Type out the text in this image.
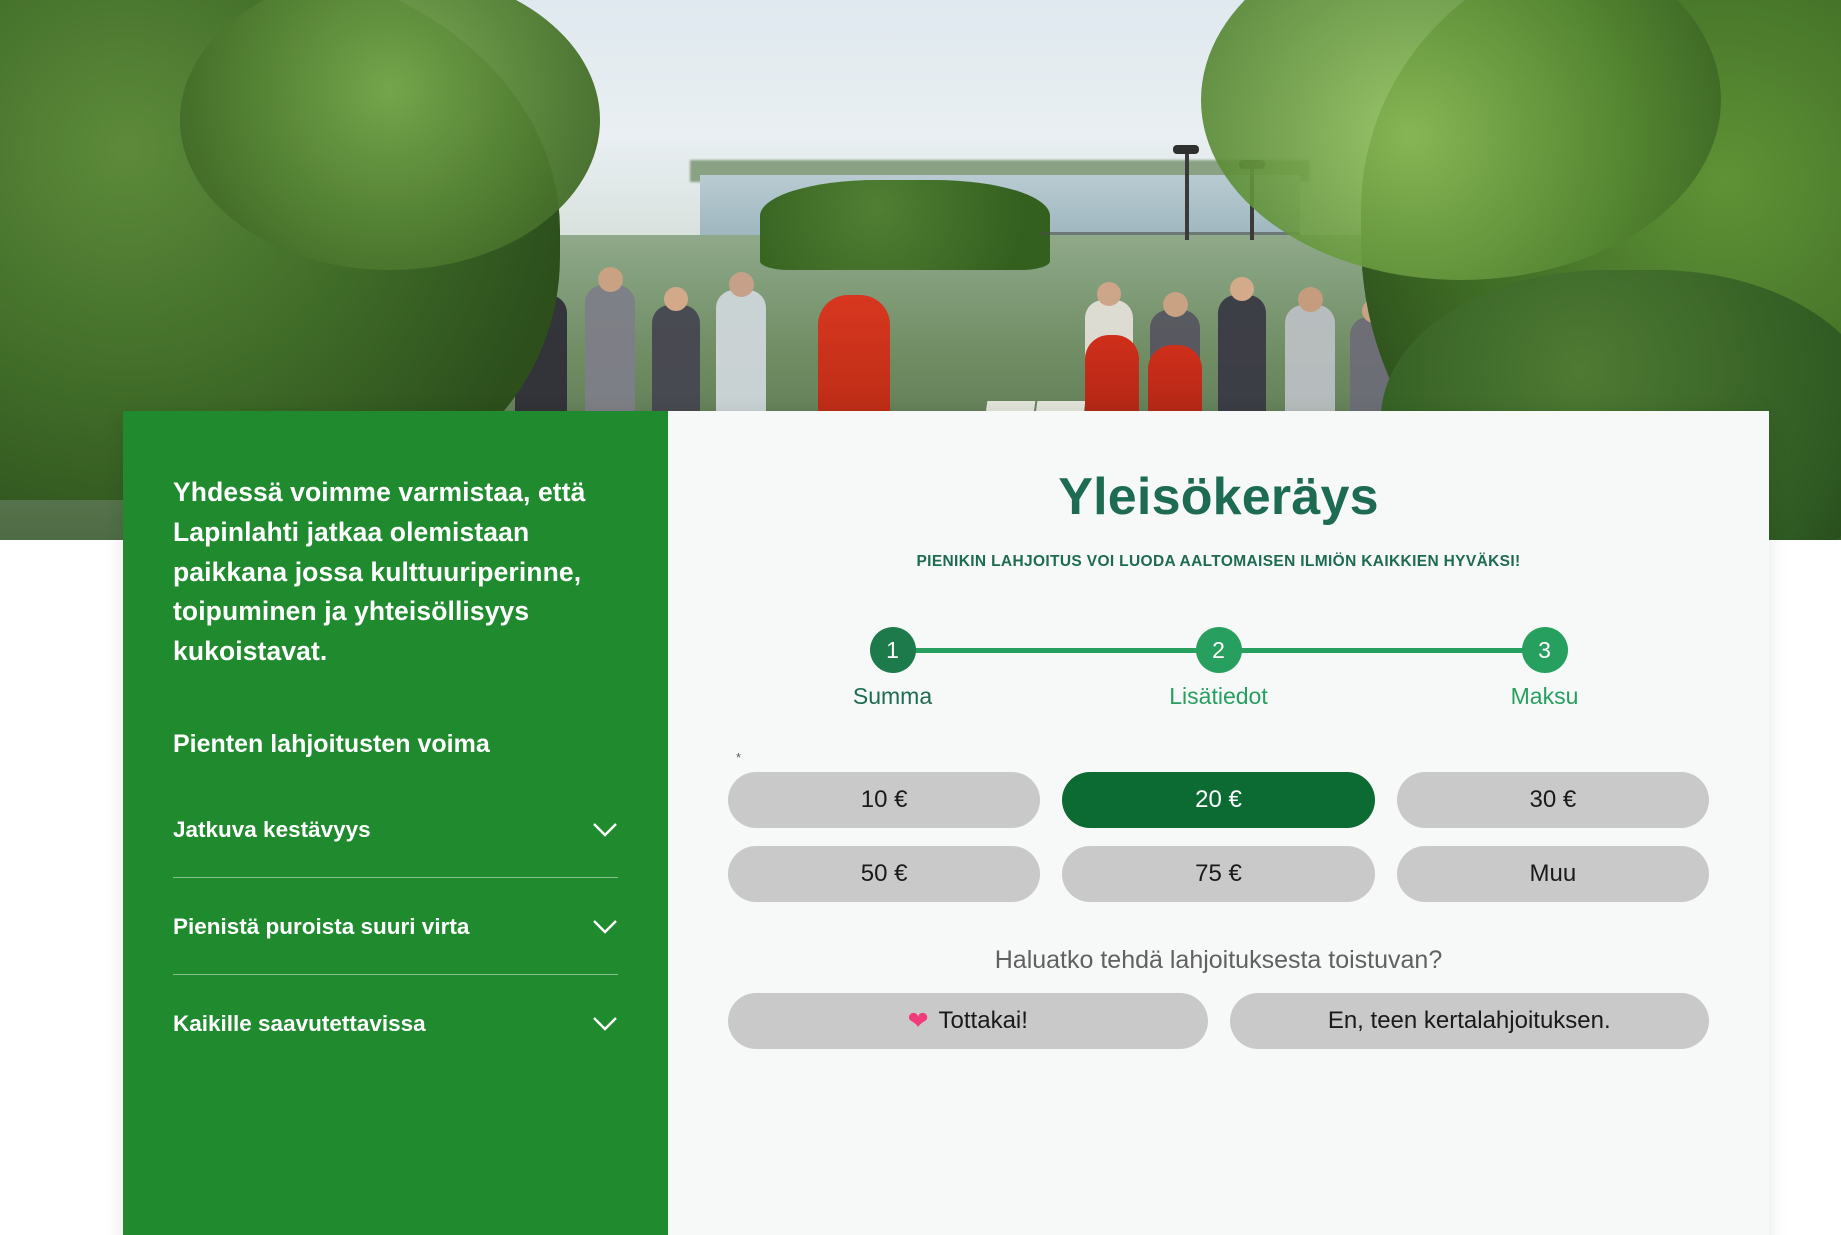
Yhdessä voimme varmistaa, että Lapinlahti jatkaa olemistaan paikkana jossa kulttuuriperinne, toipuminen ja yhteisöllisyys kukoistavat.

Pienten lahjoitusten voima
Jatkuva kestävyys
Pienistä puroista suuri virta
Kaikille saavutettavissa
Yleisökeräys

PIENIKIN LAHJOITUS VOI LUODA AALTOMAISEN ILMIÖN KAIKKIEN HYVÄKSI!

1
Summa
2
Lisätiedot
3
Maksu
*
10 €	20 €	30 €
50 €	75 €	Muu

Haluatko tehdä lahjoituksesta toistuvan?

❤ Tottakai!	En, teen kertalahjoituksen.
